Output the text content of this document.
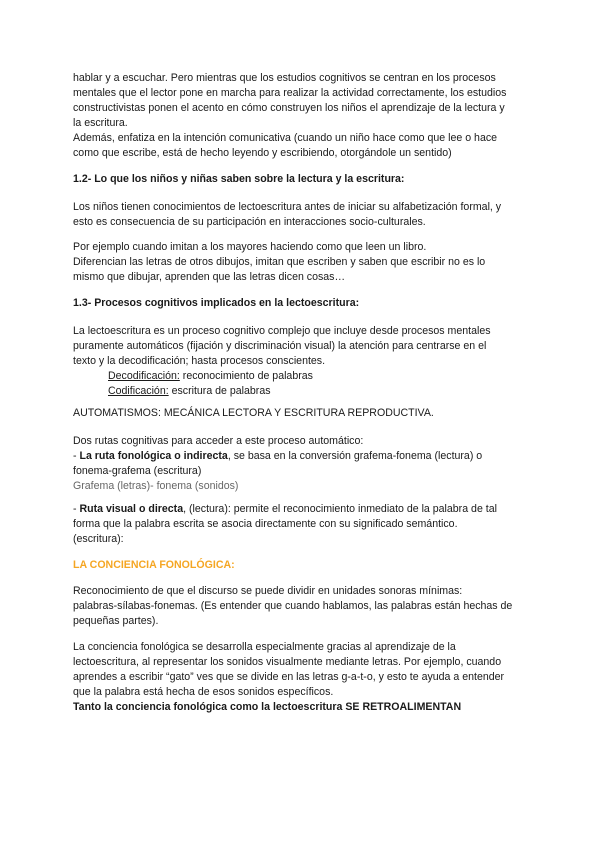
hablar y a escuchar. Pero mientras que los estudios cognitivos se centran en los procesos

mentales que el lector pone en marcha para realizar la actividad correctamente, los estudios

constructivistas ponen el acento en cómo construyen los niños el aprendizaje de la lectura y

la escritura.

Además, enfatiza en la intención comunicativa (cuando un niño hace como que lee o hace

como que escribe, está de hecho leyendo y escribiendo, otorgándole un sentido)

1.2- Lo que los niños y niñas saben sobre la lectura y la escritura:

Los niños tienen conocimientos de lectoescritura antes de iniciar su alfabetización formal, y

esto es consecuencia de su participación en interacciones socio-culturales.

Por ejemplo cuando imitan a los mayores haciendo como que leen un libro.

Diferencian las letras de otros dibujos, imitan que escriben y saben que escribir no es lo

mismo que dibujar, aprenden que las letras dicen cosas…

1.3- Procesos cognitivos implicados en la lectoescritura:

La lectoescritura es un proceso cognitivo complejo que incluye desde procesos mentales

puramente automáticos (fijación y discriminación visual) la atención para centrarse en el

texto y la decodificación; hasta procesos conscientes.

Decodificación: reconocimiento de palabras

Codificación: escritura de palabras

AUTOMATISMOS: MECÁNICA LECTORA Y ESCRITURA REPRODUCTIVA.

Dos rutas cognitivas para acceder a este proceso automático:

- La ruta fonológica o indirecta, se basa en la conversión grafema-fonema (lectura) o

fonema-grafema (escritura)

Grafema (letras)- fonema (sonidos)

- Ruta visual o directa, (lectura): permite el reconocimiento inmediato de la palabra de tal

forma que la palabra escrita se asocia directamente con su significado semántico.

(escritura):

LA CONCIENCIA FONOLÓGICA:

Reconocimiento de que el discurso se puede dividir en unidades sonoras mínimas:

palabras-sílabas-fonemas. (Es entender que cuando hablamos, las palabras están hechas de

pequeñas partes).

La conciencia fonológica se desarrolla especialmente gracias al aprendizaje de la

lectoescritura, al representar los sonidos visualmente mediante letras. Por ejemplo, cuando

aprendes a escribir “gato” ves que se divide en las letras g-a-t-o, y esto te ayuda a entender

que la palabra está hecha de esos sonidos específicos.

Tanto la conciencia fonológica como la lectoescritura SE RETROALIMENTAN
